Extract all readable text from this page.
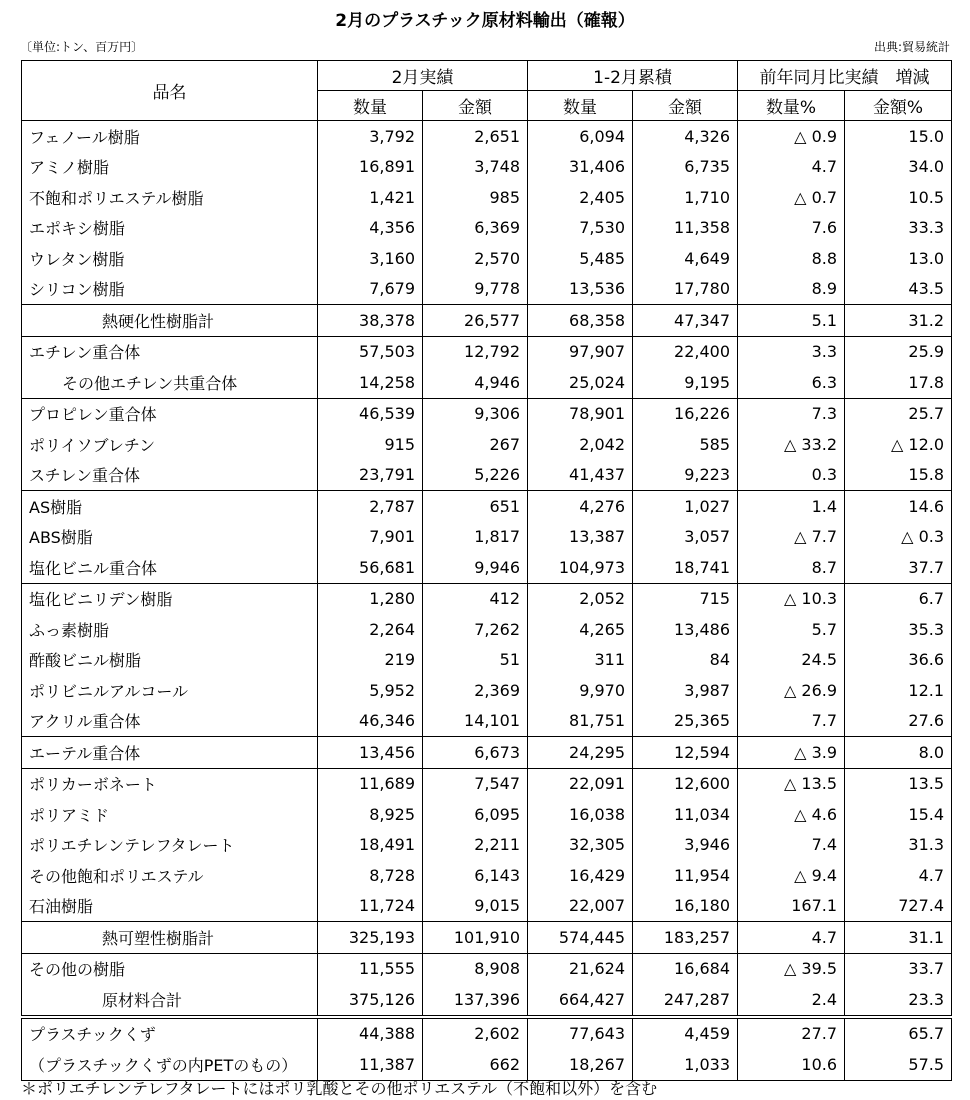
2月のプラスチック原材料輸出（確報）
〔単位:トン、百万円〕	出典:貿易統計
品名	2月実績		1-2月累積		前年同月比実績　増減	
	数量	金額	数量	金額	数量%	金額%
フェノール樹脂	3,792	2,651	6,094	4,326	△ 0.9	15.0
アミノ樹脂	16,891	3,748	31,406	6,735	4.7	34.0
不飽和ポリエステル樹脂	1,421	985	2,405	1,710	△ 0.7	10.5
エポキシ樹脂	4,356	6,369	7,530	11,358	7.6	33.3
ウレタン樹脂	3,160	2,570	5,485	4,649	8.8	13.0
シリコン樹脂	7,679	9,778	13,536	17,780	8.9	43.5
熱硬化性樹脂計	38,378	26,577	68,358	47,347	5.1	31.2
エチレン重合体	57,503	12,792	97,907	22,400	3.3	25.9
その他エチレン共重合体	14,258	4,946	25,024	9,195	6.3	17.8
プロピレン重合体	46,539	9,306	78,901	16,226	7.3	25.7
ポリイソブレチン	915	267	2,042	585	△ 33.2	△ 12.0
スチレン重合体	23,791	5,226	41,437	9,223	0.3	15.8
AS樹脂	2,787	651	4,276	1,027	1.4	14.6
ABS樹脂	7,901	1,817	13,387	3,057	△ 7.7	△ 0.3
塩化ビニル重合体	56,681	9,946	104,973	18,741	8.7	37.7
塩化ビニリデン樹脂	1,280	412	2,052	715	△ 10.3	6.7
ふっ素樹脂	2,264	7,262	4,265	13,486	5.7	35.3
酢酸ビニル樹脂	219	51	311	84	24.5	36.6
ポリビニルアルコール	5,952	2,369	9,970	3,987	△ 26.9	12.1
アクリル重合体	46,346	14,101	81,751	25,365	7.7	27.6
エーテル重合体	13,456	6,673	24,295	12,594	△ 3.9	8.0
ポリカーボネート	11,689	7,547	22,091	12,600	△ 13.5	13.5
ポリアミド	8,925	6,095	16,038	11,034	△ 4.6	15.4
ポリエチレンテレフタレート	18,491	2,211	32,305	3,946	7.4	31.3
その他飽和ポリエステル	8,728	6,143	16,429	11,954	△ 9.4	4.7
石油樹脂	11,724	9,015	22,007	16,180	167.1	727.4
熱可塑性樹脂計	325,193	101,910	574,445	183,257	4.7	31.1
その他の樹脂	11,555	8,908	21,624	16,684	△ 39.5	33.7
原材料合計	375,126	137,396	664,427	247,287	2.4	23.3
プラスチックくず	44,388	2,602	77,643	4,459	27.7	65.7
（プラスチックくずの内PETのもの）	11,387	662	18,267	1,033	10.6	57.5
＊ポリエチレンテレフタレートにはポリ乳酸とその他ポリエステル（不飽和以外）を含む
